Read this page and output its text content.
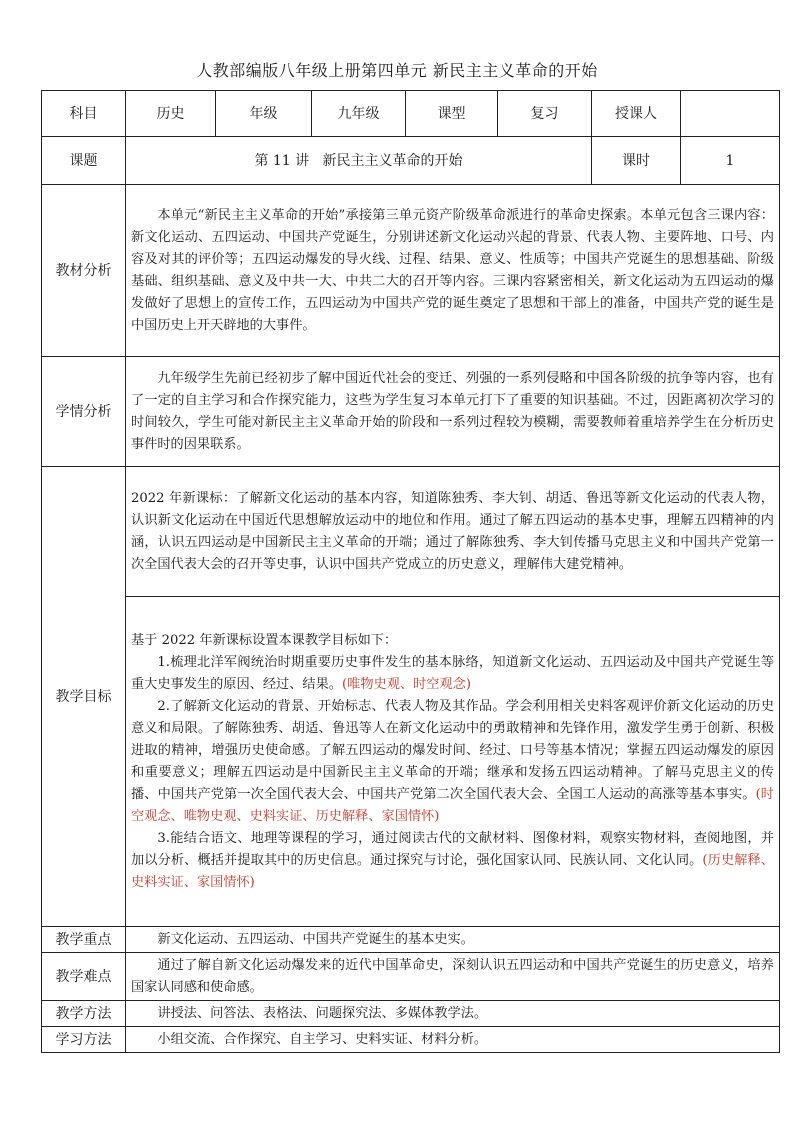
人教部编版八年级上册第四单元 新民主主义革命的开始
科目	历史	年级	九年级	课型	复习	授课人	
课题	第 11 讲   新民主主义革命的开始					课时	1
教材分析	本单元“新民主主义革命的开始”承接第三单元资产阶级革命派进行的革命史探索。本单元包含三课内容：新文化运动、五四运动、中国共产党诞生，分别讲述新文化运动兴起的背景、代表人物、主要阵地、口号、内容及对其的评价等；五四运动爆发的导火线、过程、结果、意义、性质等；中国共产党诞生的思想基础、阶级基础、组织基础、意义及中共一大、中共二大的召开等内容。三课内容紧密相关，新文化运动为五四运动的爆发做好了思想上的宣传工作，五四运动为中国共产党的诞生奠定了思想和干部上的准备，中国共产党的诞生是中国历史上开天辟地的大事件。						
学情分析	九年级学生先前已经初步了解中国近代社会的变迁、列强的一系列侵略和中国各阶级的抗争等内容，也有了一定的自主学习和合作探究能力，这些为学生复习本单元打下了重要的知识基础。不过，因距离初次学习的时间较久，学生可能对新民主主义革命开始的阶段和一系列过程较为模糊，需要教师着重培养学生在分析历史事件时的因果联系。						
教学目标	2022 年新课标：了解新文化运动的基本内容，知道陈独秀、李大钊、胡适、鲁迅等新文化运动的代表人物，认识新文化运动在中国近代思想解放运动中的地位和作用。通过了解五四运动的基本史事，理解五四精神的内涵，认识五四运动是中国新民主主义革命的开端；通过了解陈独秀、李大钊传播马克思主义和中国共产党第一次全国代表大会的召开等史事，认识中国共产党成立的历史意义，理解伟大建党精神。						

	基于 2022 年新课标设置本课教学目标如下：

1.梳理北洋军阀统治时期重要历史事件发生的基本脉络，知道新文化运动、五四运动及中国共产党诞生等重大史事发生的原因、经过、结果。(唯物史观、时空观念)

2.了解新文化运动的背景、开始标志、代表人物及其作品。学会利用相关史料客观评价新文化运动的历史意义和局限。了解陈独秀、胡适、鲁迅等人在新文化运动中的勇敢精神和先锋作用，激发学生勇于创新、积极进取的精神，增强历史使命感。了解五四运动的爆发时间、经过、口号等基本情况；掌握五四运动爆发的原因和重要意义；理解五四运动是中国新民主主义革命的开端；继承和发扬五四运动精神。了解马克思主义的传播、中国共产党第一次全国代表大会、中国共产党第二次全国代表大会、全国工人运动的高涨等基本事实。(时空观念、唯物史观、史料实证、历史解释、家国情怀)

3.能结合语文、地理等课程的学习，通过阅读古代的文献材料、图像材料，观察实物材料，查阅地图，并加以分析、概括并提取其中的历史信息。通过探究与讨论，强化国家认同、民族认同、文化认同。(历史解释、史料实证、家国情怀)						

教学重点	新文化运动、五四运动、中国共产党诞生的基本史实。						
教学难点	通过了解自新文化运动爆发来的近代中国革命史，深刻认识五四运动和中国共产党诞生的历史意义，培养国家认同感和使命感。						
教学方法	讲授法、问答法、表格法、问题探究法、多媒体教学法。						
学习方法	小组交流、合作探究、自主学习、史料实证、材料分析。						
